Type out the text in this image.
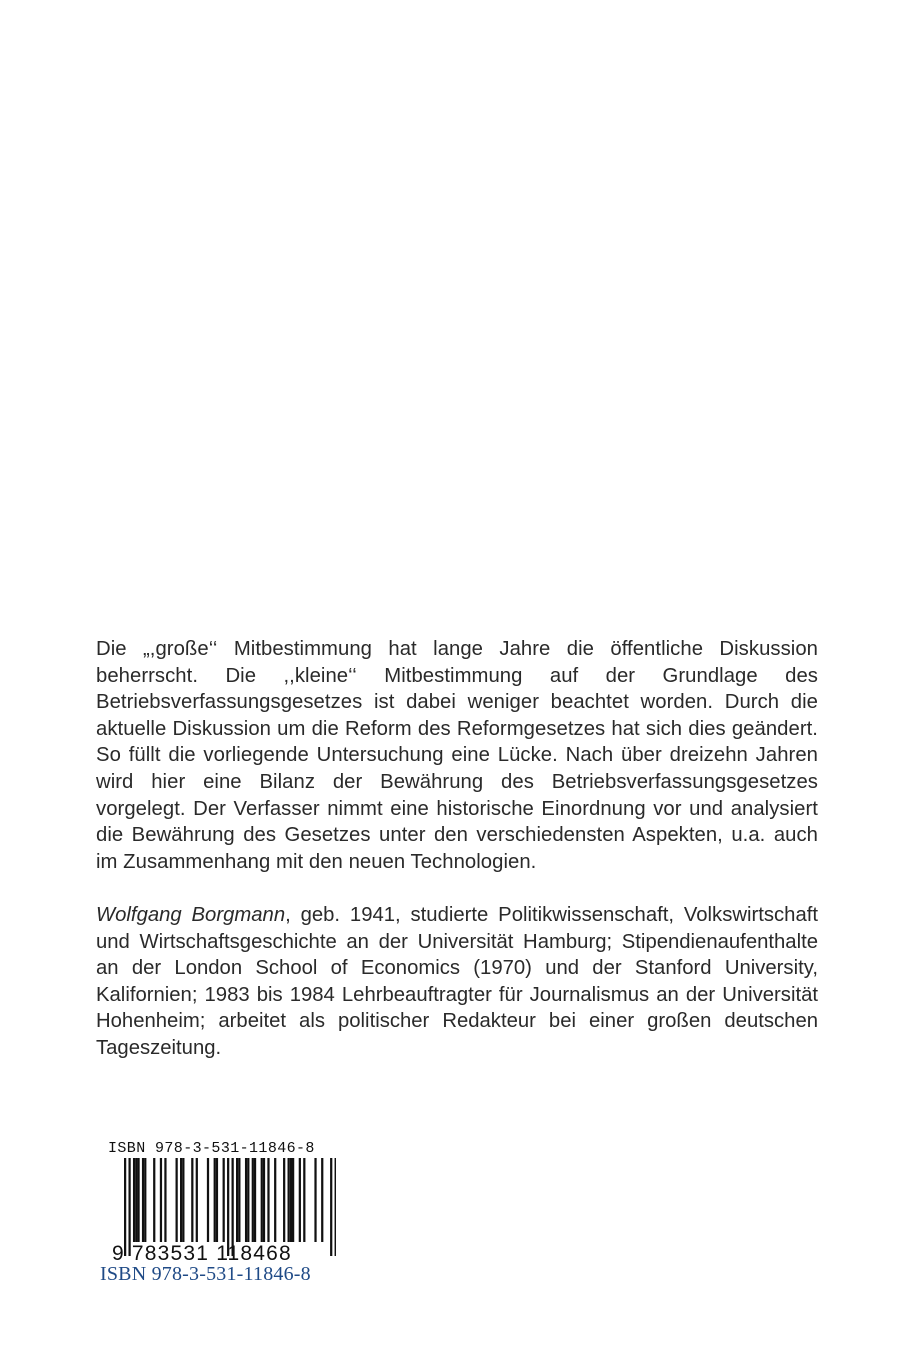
Die „,große‘‘ Mitbestimmung hat lange Jahre die öffentliche Diskussion beherrscht. Die ,,kleine‘‘ Mitbestimmung auf der Grundlage des Betriebsverfassungsgesetzes ist dabei weniger beachtet worden. Durch die aktuelle Diskussion um die Reform des Reformgesetzes hat sich dies geändert. So füllt die vorliegende Untersuchung eine Lücke. Nach über dreizehn Jahren wird hier eine Bilanz der Bewährung des Betriebsverfassungsgesetzes vorgelegt. Der Verfasser nimmt eine historische Einordnung vor und analysiert die Bewährung des Gesetzes unter den verschiedensten Aspekten, u.a. auch im Zusammenhang mit den neuen Technologien.

Wolfgang Borgmann, geb. 1941, studierte Politikwissenschaft, Volkswirtschaft und Wirtschaftsgeschichte an der Universität Hamburg; Stipendienaufenthalte an der London School of Economics (1970) und der Stanford University, Kalifornien; 1983 bis 1984 Lehrbeauftragter für Journalismus an der Universität Hohenheim; arbeitet als politischer Redakteur bei einer großen deutschen Tageszeitung.

ISBN 978-3-531-11846-8
9 783531 118468
ISBN 978-3-531-11846-8
